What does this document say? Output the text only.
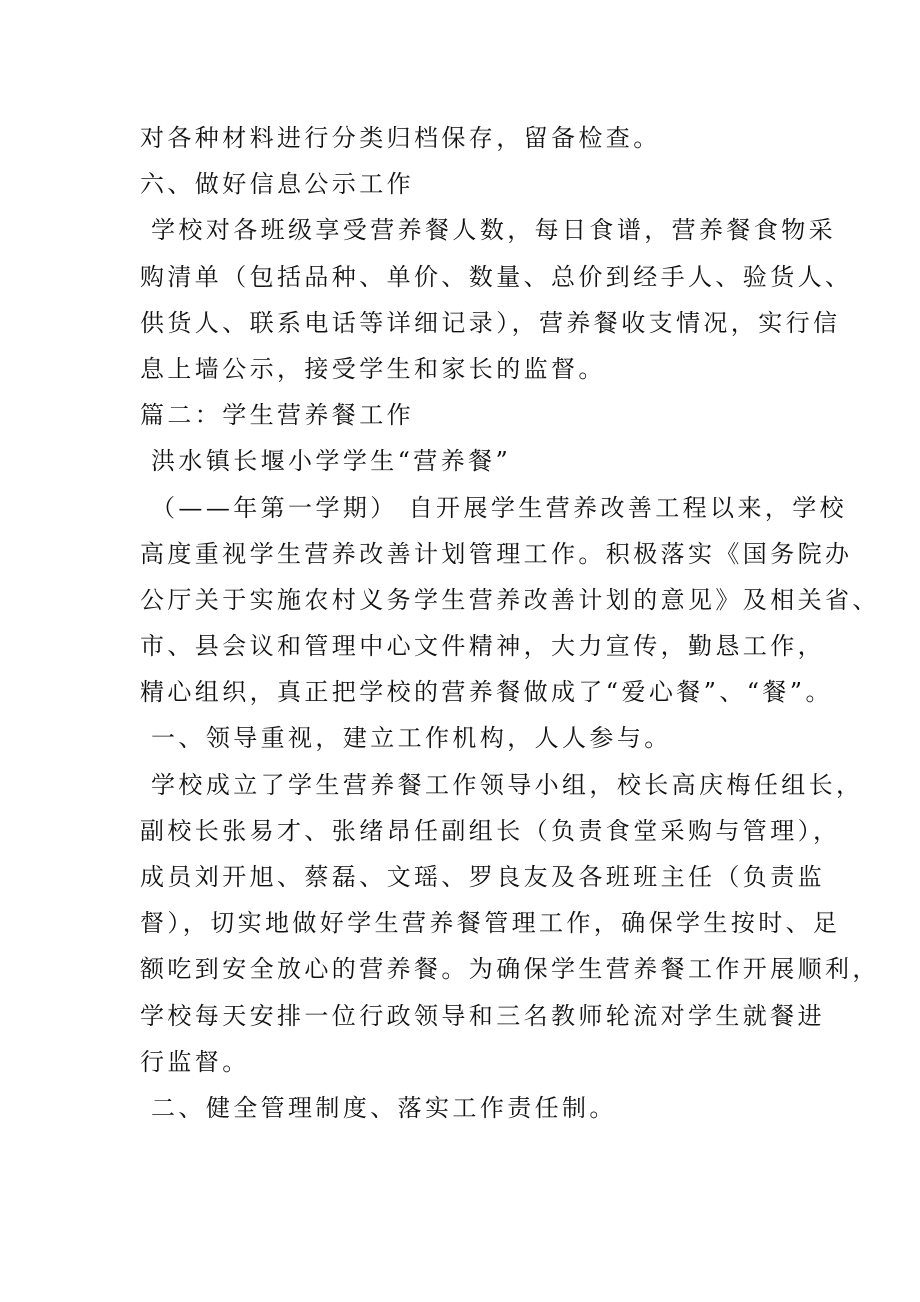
对各种材料进行分类归档保存，留备检查。
六、做好信息公示工作
学校对各班级享受营养餐人数，每日食谱，营养餐食物采
购清单（包括品种、单价、数量、总价到经手人、验货人、
供货人、联系电话等详细记录），营养餐收支情况，实行信
息上墙公示，接受学生和家长的监督。
篇二：学生营养餐工作
洪水镇长堰小学学生“营养餐”
（——年第一学期） 自开展学生营养改善工程以来，学校
高度重视学生营养改善计划管理工作。积极落实《国务院办
公厅关于实施农村义务学生营养改善计划的意见》及相关省、
市、县会议和管理中心文件精神，大力宣传，勤恳工作，
精心组织，真正把学校的营养餐做成了“爱心餐”、“餐”。
一、领导重视，建立工作机构，人人参与。
学校成立了学生营养餐工作领导小组，校长高庆梅任组长，
副校长张易才、张绪昂任副组长（负责食堂采购与管理），
成员刘开旭、蔡磊、文瑶、罗良友及各班班主任（负责监
督），切实地做好学生营养餐管理工作，确保学生按时、足
额吃到安全放心的营养餐。为确保学生营养餐工作开展顺利，
学校每天安排一位行政领导和三名教师轮流对学生就餐进
行监督。
二、健全管理制度、落实工作责任制。
